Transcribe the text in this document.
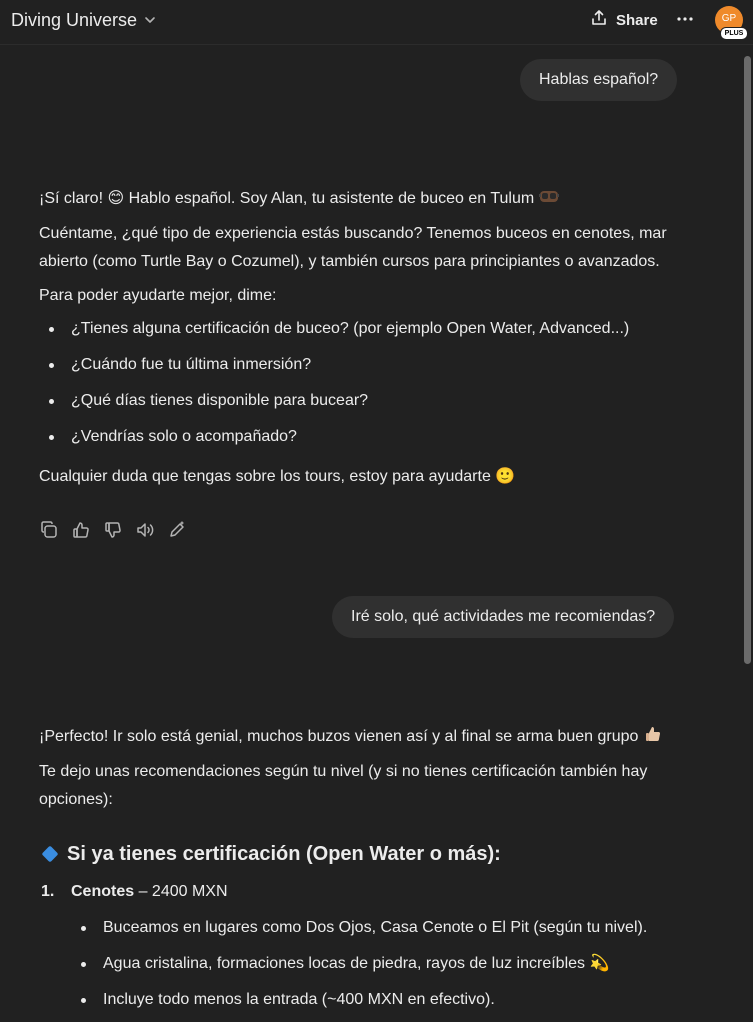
Diving Universe	Share	GP
PLUS
Hablas español?

¡Sí claro! 😊 Hablo español. Soy Alan, tu asistente de buceo en Tulum

Cuéntame, ¿qué tipo de experiencia estás buscando? Tenemos buceos en cenotes, mar abierto (como Turtle Bay o Cozumel), y también cursos para principiantes o avanzados.

Para poder ayudarte mejor, dime:

¿Tienes alguna certificación de buceo? (por ejemplo Open Water, Advanced...)
¿Cuándo fue tu última inmersión?
¿Qué días tienes disponible para bucear?
¿Vendrías solo o acompañado?

Cualquier duda que tengas sobre los tours, estoy para ayudarte 🙂

Iré solo, qué actividades me recomiendas?

¡Perfecto! Ir solo está genial, muchos buzos vienen así y al final se arma buen grupo

Te dejo unas recomendaciones según tu nivel (y si no tienes certificación también hay opciones):

Si ya tienes certificación (Open Water o más):
1. Cenotes – 2400 MXN
Buceamos en lugares como Dos Ojos, Casa Cenote o El Pit (según tu nivel).
Agua cristalina, formaciones locas de piedra, rayos de luz increíbles 💫
Incluye todo menos la entrada (~400 MXN en efectivo).
